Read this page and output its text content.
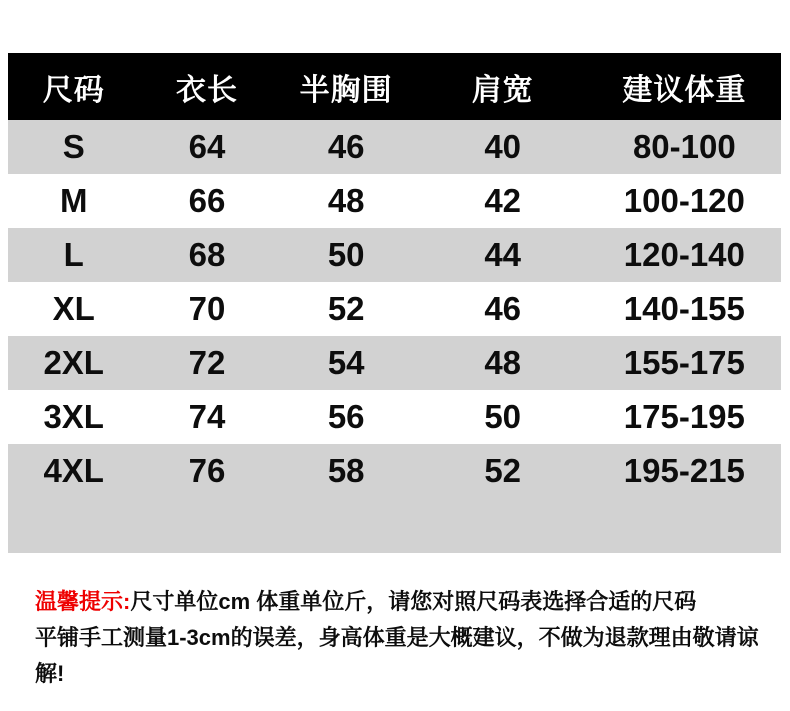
尺码	衣长	半胸围	肩宽	建议体重
S	64	46	40	80-100
M	66	48	42	100-120
L	68	50	44	120-140
XL	70	52	46	140-155
2XL	72	54	48	155-175
3XL	74	56	50	175-195
4XL	76	58	52	195-215

温馨提示:尺寸单位cm 体重单位斤，请您对照尺码表选择合适的尺码

平铺手工测量1-3cm的误差，身高体重是大概建议，不做为退款理由敬请谅解!
